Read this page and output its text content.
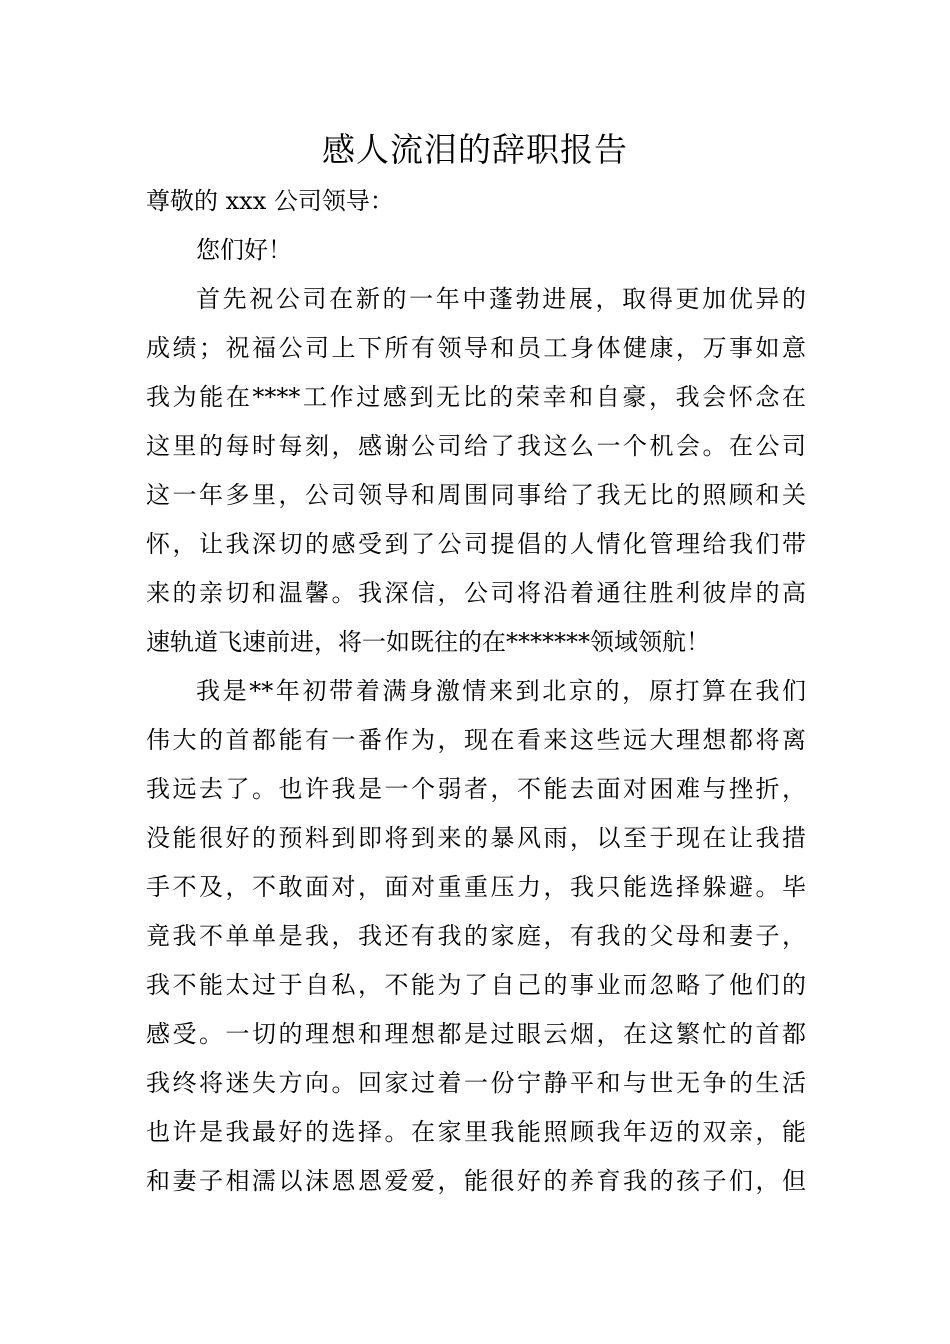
感人流泪的辞职报告

尊敬的 xxx 公司领导：

您们好！

首先祝公司在新的一年中蓬勃进展，取得更加优异的

成绩；祝福公司上下所有领导和员工身体健康，万事如意

我为能在****工作过感到无比的荣幸和自豪，我会怀念在

这里的每时每刻，感谢公司给了我这么一个机会。在公司

这一年多里，公司领导和周围同事给了我无比的照顾和关

怀，让我深切的感受到了公司提倡的人情化管理给我们带

来的亲切和温馨。我深信，公司将沿着通往胜利彼岸的高

速轨道飞速前进，将一如既往的在*******领域领航！

我是**年初带着满身激情来到北京的，原打算在我们

伟大的首都能有一番作为，现在看来这些远大理想都将离

我远去了。也许我是一个弱者，不能去面对困难与挫折，

没能很好的预料到即将到来的暴风雨，以至于现在让我措

手不及，不敢面对，面对重重压力，我只能选择躲避。毕

竟我不单单是我，我还有我的家庭，有我的父母和妻子，

我不能太过于自私，不能为了自己的事业而忽略了他们的

感受。一切的理想和理想都是过眼云烟，在这繁忙的首都

我终将迷失方向。回家过着一份宁静平和与世无争的生活

也许是我最好的选择。在家里我能照顾我年迈的双亲，能

和妻子相濡以沫恩恩爱爱，能很好的养育我的孩子们，但
